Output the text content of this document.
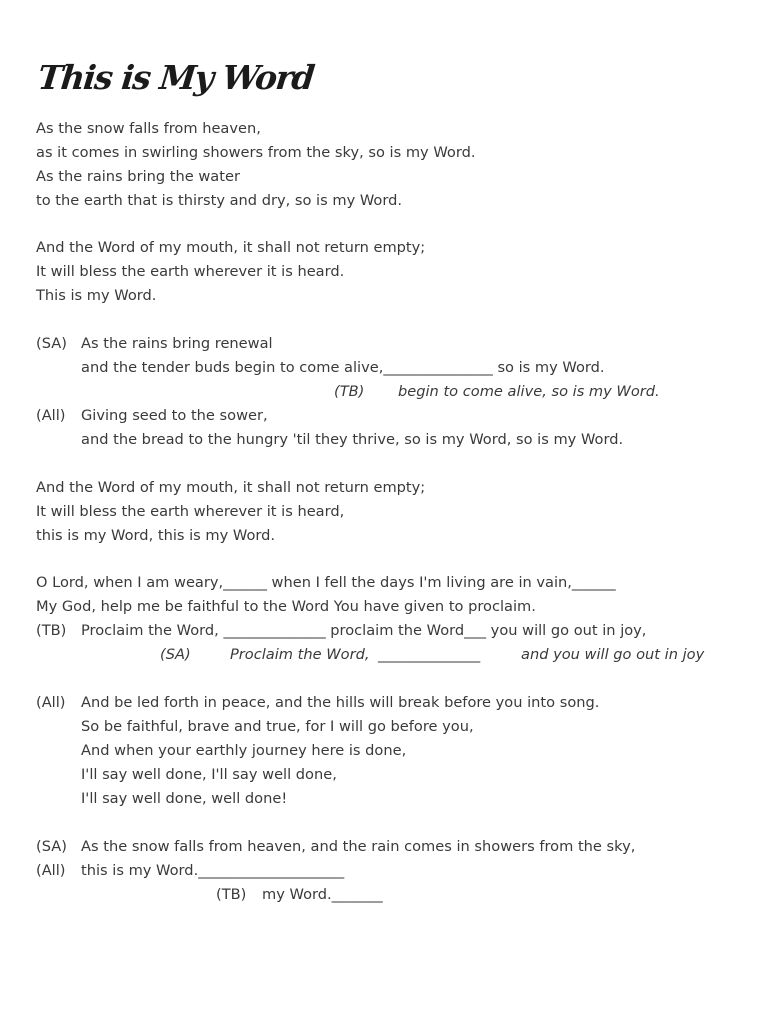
This is My Word
As the snow falls from heaven,
as it comes in swirling showers from the sky, so is my Word.
As the rains bring the water
to the earth that is thirsty and dry, so is my Word.
And the Word of my mouth, it shall not return empty;
It will bless the earth wherever it is heard.
This is my Word.
(SA) As the rains bring renewal
and the tender buds begin to come alive,_______________ so is my Word.
(TB) begin to come alive, so is my Word.
(All) Giving seed to the sower,
and the bread to the hungry 'til they thrive, so is my Word, so is my Word.
And the Word of my mouth, it shall not return empty;
It will bless the earth wherever it is heard,
this is my Word, this is my Word.
O Lord, when I am weary,______ when I fell the days I'm living are in vain,______
My God, help me be faithful to the Word You have given to proclaim.
(TB) Proclaim the Word, ______________ proclaim the Word___ you will go out in joy,
(SA)	Proclaim the Word, ______________	and you will go out in joy
(All) And be led forth in peace, and the hills will break before you into song.
So be faithful, brave and true, for I will go before you,
And when your earthly journey here is done,
I'll say well done, I'll say well done,
I'll say well done, well done!
(SA) As the snow falls from heaven, and the rain comes in showers from the sky,
(All) this is my Word.____________________
(TB) my Word._______
